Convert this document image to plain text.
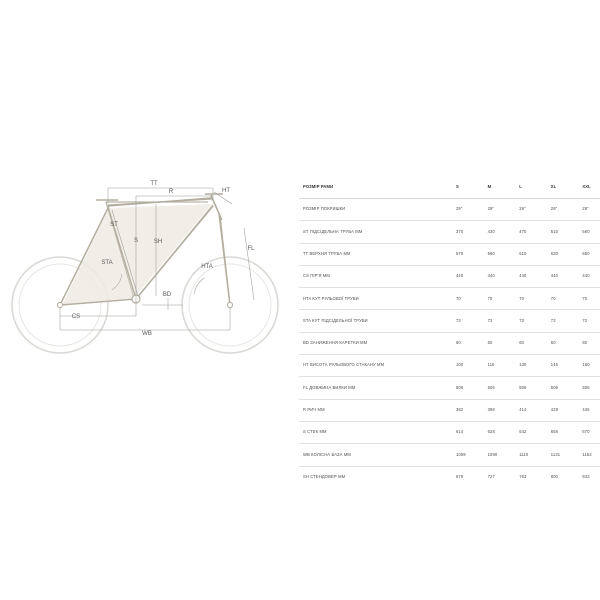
TT
R	HT
ST
S	SH
STA
HTA
FL
BD
CS
WB
РОЗМІР РАМИ	S	M	L	XL	XXL
РОЗМІР ПОКРИШКИ	29"	29"	29"	29"	29"
ST ПІДСІДЕЛЬНА ТРУБА ММ	370	430	470	510	560
TT ВЕРХНЯ ТРУБА ММ	570	590	610	630	650
CS ПІР'Я ММ	440	440	440	440	440
HTA КУТ РУЛЬОВОЇ ТРУБИ	70	70	70	70	70
STA КУТ ПІДСІДЕЛЬНОЇ ТРУБИ	73	73	73	73	73
BD ЗАНИЖЕННЯ КАРЕТКИ ММ	60	60	60	60	60
HT ВИСОТА РУЛЬОВОГО СТАКАНУ ММ	100	115	130	145	160
FL ДОВЖИНА ВИЛКИ ММ	506	506	506	506	506
R РИЧ ММ	382	398	414	429	445
S СТЕК ММ	614	628	642	656	670
WB КОЛІСНА БАЗА ММ	1069	1090	1110	1131	1152
SH СТЕНДОВЕР ММ	679	727	763	800	843
